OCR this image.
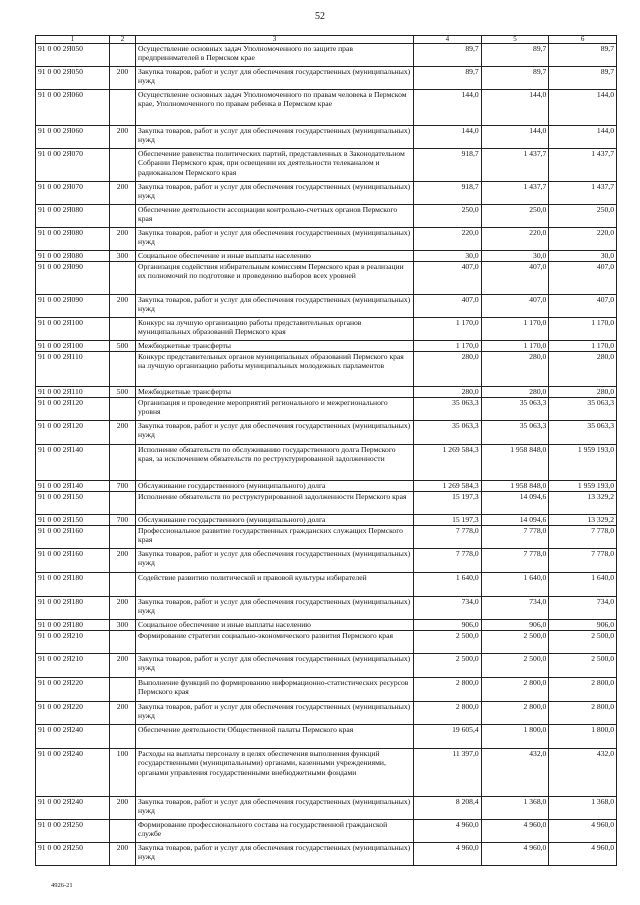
52
1	2	3	4	5	6
91 0 00 2Я050		Осуществление основных задач Уполномоченного по защите прав предпринимателей в Пермском крае	89,7	89,7	89,7
91 0 00 2Я050	200	Закупка товаров, работ и услуг для обеспечения государственных (муниципальных) нужд	89,7	89,7	89,7
91 0 00 2Я060		Осуществление основных задач Уполномоченного по правам человека в Пермском крае, Уполномоченного по правам ребенка в Пермском крае	144,0	144,0	144,0
91 0 00 2Я060	200	Закупка товаров, работ и услуг для обеспечения государственных (муниципальных) нужд	144,0	144,0	144,0
91 0 00 2Я070		Обеспечение равенства политических партий, представленных в Законодательном Собрании Пермского края, при освещении их деятельности телеканалом и радиоканалом Пермского края	918,7	1 437,7	1 437,7
91 0 00 2Я070	200	Закупка товаров, работ и услуг для обеспечения государственных (муниципальных) нужд	918,7	1 437,7	1 437,7
91 0 00 2Я080		Обеспечение деятельности ассоциации контрольно-счетных органов Пермского края	250,0	250,0	250,0
91 0 00 2Я080	200	Закупка товаров, работ и услуг для обеспечения государственных (муниципальных) нужд	220,0	220,0	220,0
91 0 00 2Я080	300	Социальное обеспечение и иные выплаты населению	30,0	30,0	30,0
91 0 00 2Я090		Организация содействия избирательным комиссиям Пермского края в реализации их полномочий по подготовке и проведению выборов всех уровней	407,0	407,0	407,0
91 0 00 2Я090	200	Закупка товаров, работ и услуг для обеспечения государственных (муниципальных) нужд	407,0	407,0	407,0
91 0 00 2Я100		Конкурс на лучшую организацию работы представительных органов муниципальных образований Пермского края	1 170,0	1 170,0	1 170,0
91 0 00 2Я100	500	Межбюджетные трансферты	1 170,0	1 170,0	1 170,0
91 0 00 2Я110		Конкурс представительных органов муниципальных образований Пермского края на лучшую организацию работы муниципальных молодежных парламентов	280,0	280,0	280,0
91 0 00 2Я110	500	Межбюджетные трансферты	280,0	280,0	280,0
91 0 00 2Я120		Организация и проведение мероприятий регионального и межрегионального уровня	35 063,3	35 063,3	35 063,3
91 0 00 2Я120	200	Закупка товаров, работ и услуг для обеспечения государственных (муниципальных) нужд	35 063,3	35 063,3	35 063,3
91 0 00 2Я140		Исполнение обязательств по обслуживанию государственного долга Пермского края, за исключением обязательств по реструктурированной задолженности	1 269 584,3	1 958 848,0	1 959 193,0
91 0 00 2Я140	700	Обслуживание государственного (муниципального) долга	1 269 584,3	1 958 848,0	1 959 193,0
91 0 00 2Я150		Исполнение обязательств по реструктурированной задолженности Пермского края	15 197,3	14 094,6	13 329,2
91 0 00 2Я150	700	Обслуживание государственного (муниципального) долга	15 197,3	14 094,6	13 329,2
91 0 00 2Я160		Профессиональное развитие государственных гражданских служащих Пермского края	7 778,0	7 778,0	7 778,0
91 0 00 2Я160	200	Закупка товаров, работ и услуг для обеспечения государственных (муниципальных) нужд	7 778,0	7 778,0	7 778,0
91 0 00 2Я180		Содействие развитию политической и правовой культуры избирателей	1 640,0	1 640,0	1 640,0
91 0 00 2Я180	200	Закупка товаров, работ и услуг для обеспечения государственных (муниципальных) нужд	734,0	734,0	734,0
91 0 00 2Я180	300	Социальное обеспечение и иные выплаты населению	906,0	906,0	906,0
91 0 00 2Я210		Формирование стратегии социально-экономического развития Пермского края	2 500,0	2 500,0	2 500,0
91 0 00 2Я210	200	Закупка товаров, работ и услуг для обеспечения государственных (муниципальных) нужд	2 500,0	2 500,0	2 500,0
91 0 00 2Я220		Выполнение функций по формированию информационно-статистических ресурсов Пермского края	2 800,0	2 800,0	2 800,0
91 0 00 2Я220	200	Закупка товаров, работ и услуг для обеспечения государственных (муниципальных) нужд	2 800,0	2 800,0	2 800,0
91 0 00 2Я240		Обеспечение деятельности Общественной палаты Пермского края	19 605,4	1 800,0	1 800,0
91 0 00 2Я240	100	Расходы на выплаты персоналу в целях обеспечения выполнения функций государственными (муниципальными) органами, казенными учреждениями, органами управления государственными внебюджетными фондами	11 397,0	432,0	432,0
91 0 00 2Я240	200	Закупка товаров, работ и услуг для обеспечения государственных (муниципальных) нужд	8 208,4	1 368,0	1 368,0
91 0 00 2Я250		Формирование профессионального состава на государственной гражданской службе	4 960,0	4 960,0	4 960,0
91 0 00 2Я250	200	Закупка товаров, работ и услуг для обеспечения государственных (муниципальных) нужд	4 960,0	4 960,0	4 960,0
4926-21
